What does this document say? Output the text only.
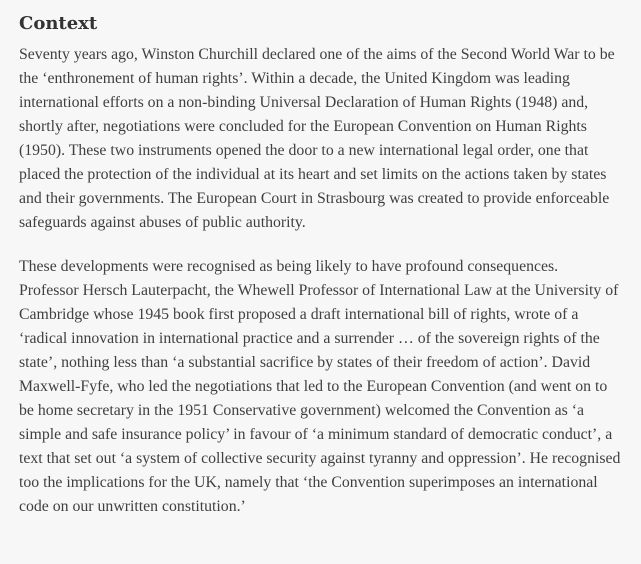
Context

Seventy years ago, Winston Churchill declared one of the aims of the Second World War to be the ‘enthronement of human rights’. Within a decade, the United Kingdom was leading international efforts on a non-binding Universal Declaration of Human Rights (1948) and, shortly after, negotiations were concluded for the European Convention on Human Rights (1950). These two instruments opened the door to a new international legal order, one that placed the protection of the individual at its heart and set limits on the actions taken by states and their governments. The European Court in Strasbourg was created to provide enforceable safeguards against abuses of public authority.

These developments were recognised as being likely to have profound consequences. Professor Hersch Lauterpacht, the Whewell Professor of International Law at the University of Cambridge whose 1945 book first proposed a draft international bill of rights, wrote of a ‘radical innovation in international practice and a surrender … of the sovereign rights of the state’, nothing less than ‘a substantial sacrifice by states of their freedom of action’. David Maxwell-Fyfe, who led the negotiations that led to the European Convention (and went on to be home secretary in the 1951 Conservative government) welcomed the Convention as ‘a simple and safe insurance policy’ in favour of ‘a minimum standard of democratic conduct’, a text that set out ‘a system of collective security against tyranny and oppression’. He recognised too the implications for the UK, namely that ‘the Convention superimposes an international code on our unwritten constitution.’
